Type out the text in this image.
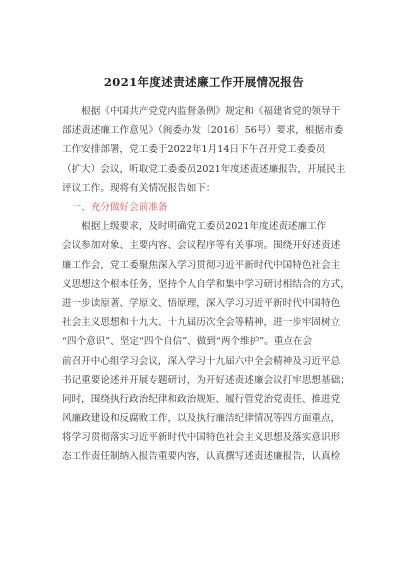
2021年度述责述廉工作开展情况报告
　　根据《中国共产党党内监督条例》规定和《福建省党的领导干
部述责述廉工作意见》（闽委办发〔2016〕56号）要求，根据市委
工作安排部署，党工委于2022年1月14日下午召开党工委委员
（扩大）会议，听取党工委委员2021年度述责述廉报告，开展民主
评议工作。现将有关情况报告如下：
　一、充分做好会前准备
　　根据上级要求，及时明确党工委员2021年度述责述廉工作
会议参加对象、主要内容、会议程序等有关事项。围绕开好述责述
廉工作会，党工委聚焦深入学习贯彻习近平新时代中国特色社会主
义思想这个根本任务，坚持个人自学和集中学习研讨相结合的方式，
进一步读原著、学原文、悟原理，深入学习习近平新时代中国特色
社会主义思想和十九大、十九届历次全会等精神，进一步牢固树立
“四个意识”、坚定“四个自信”、做到“两个维护”。重点在会
前召开中心组学习会议，深入学习十九届六中全会精神及习近平总
书记重要论述并开展专题研讨，为开好述责述廉会议打牢思想基础；
同时，围绕执行政治纪律和政治规矩、履行管党治党责任、推进党
风廉政建设和反腐败工作，以及执行廉洁纪律情况等四方面重点，
将学习贯彻落实习近平新时代中国特色社会主义思想及落实意识形
态工作责任制纳入报告重要内容，认真撰写述责述廉报告，认真检
